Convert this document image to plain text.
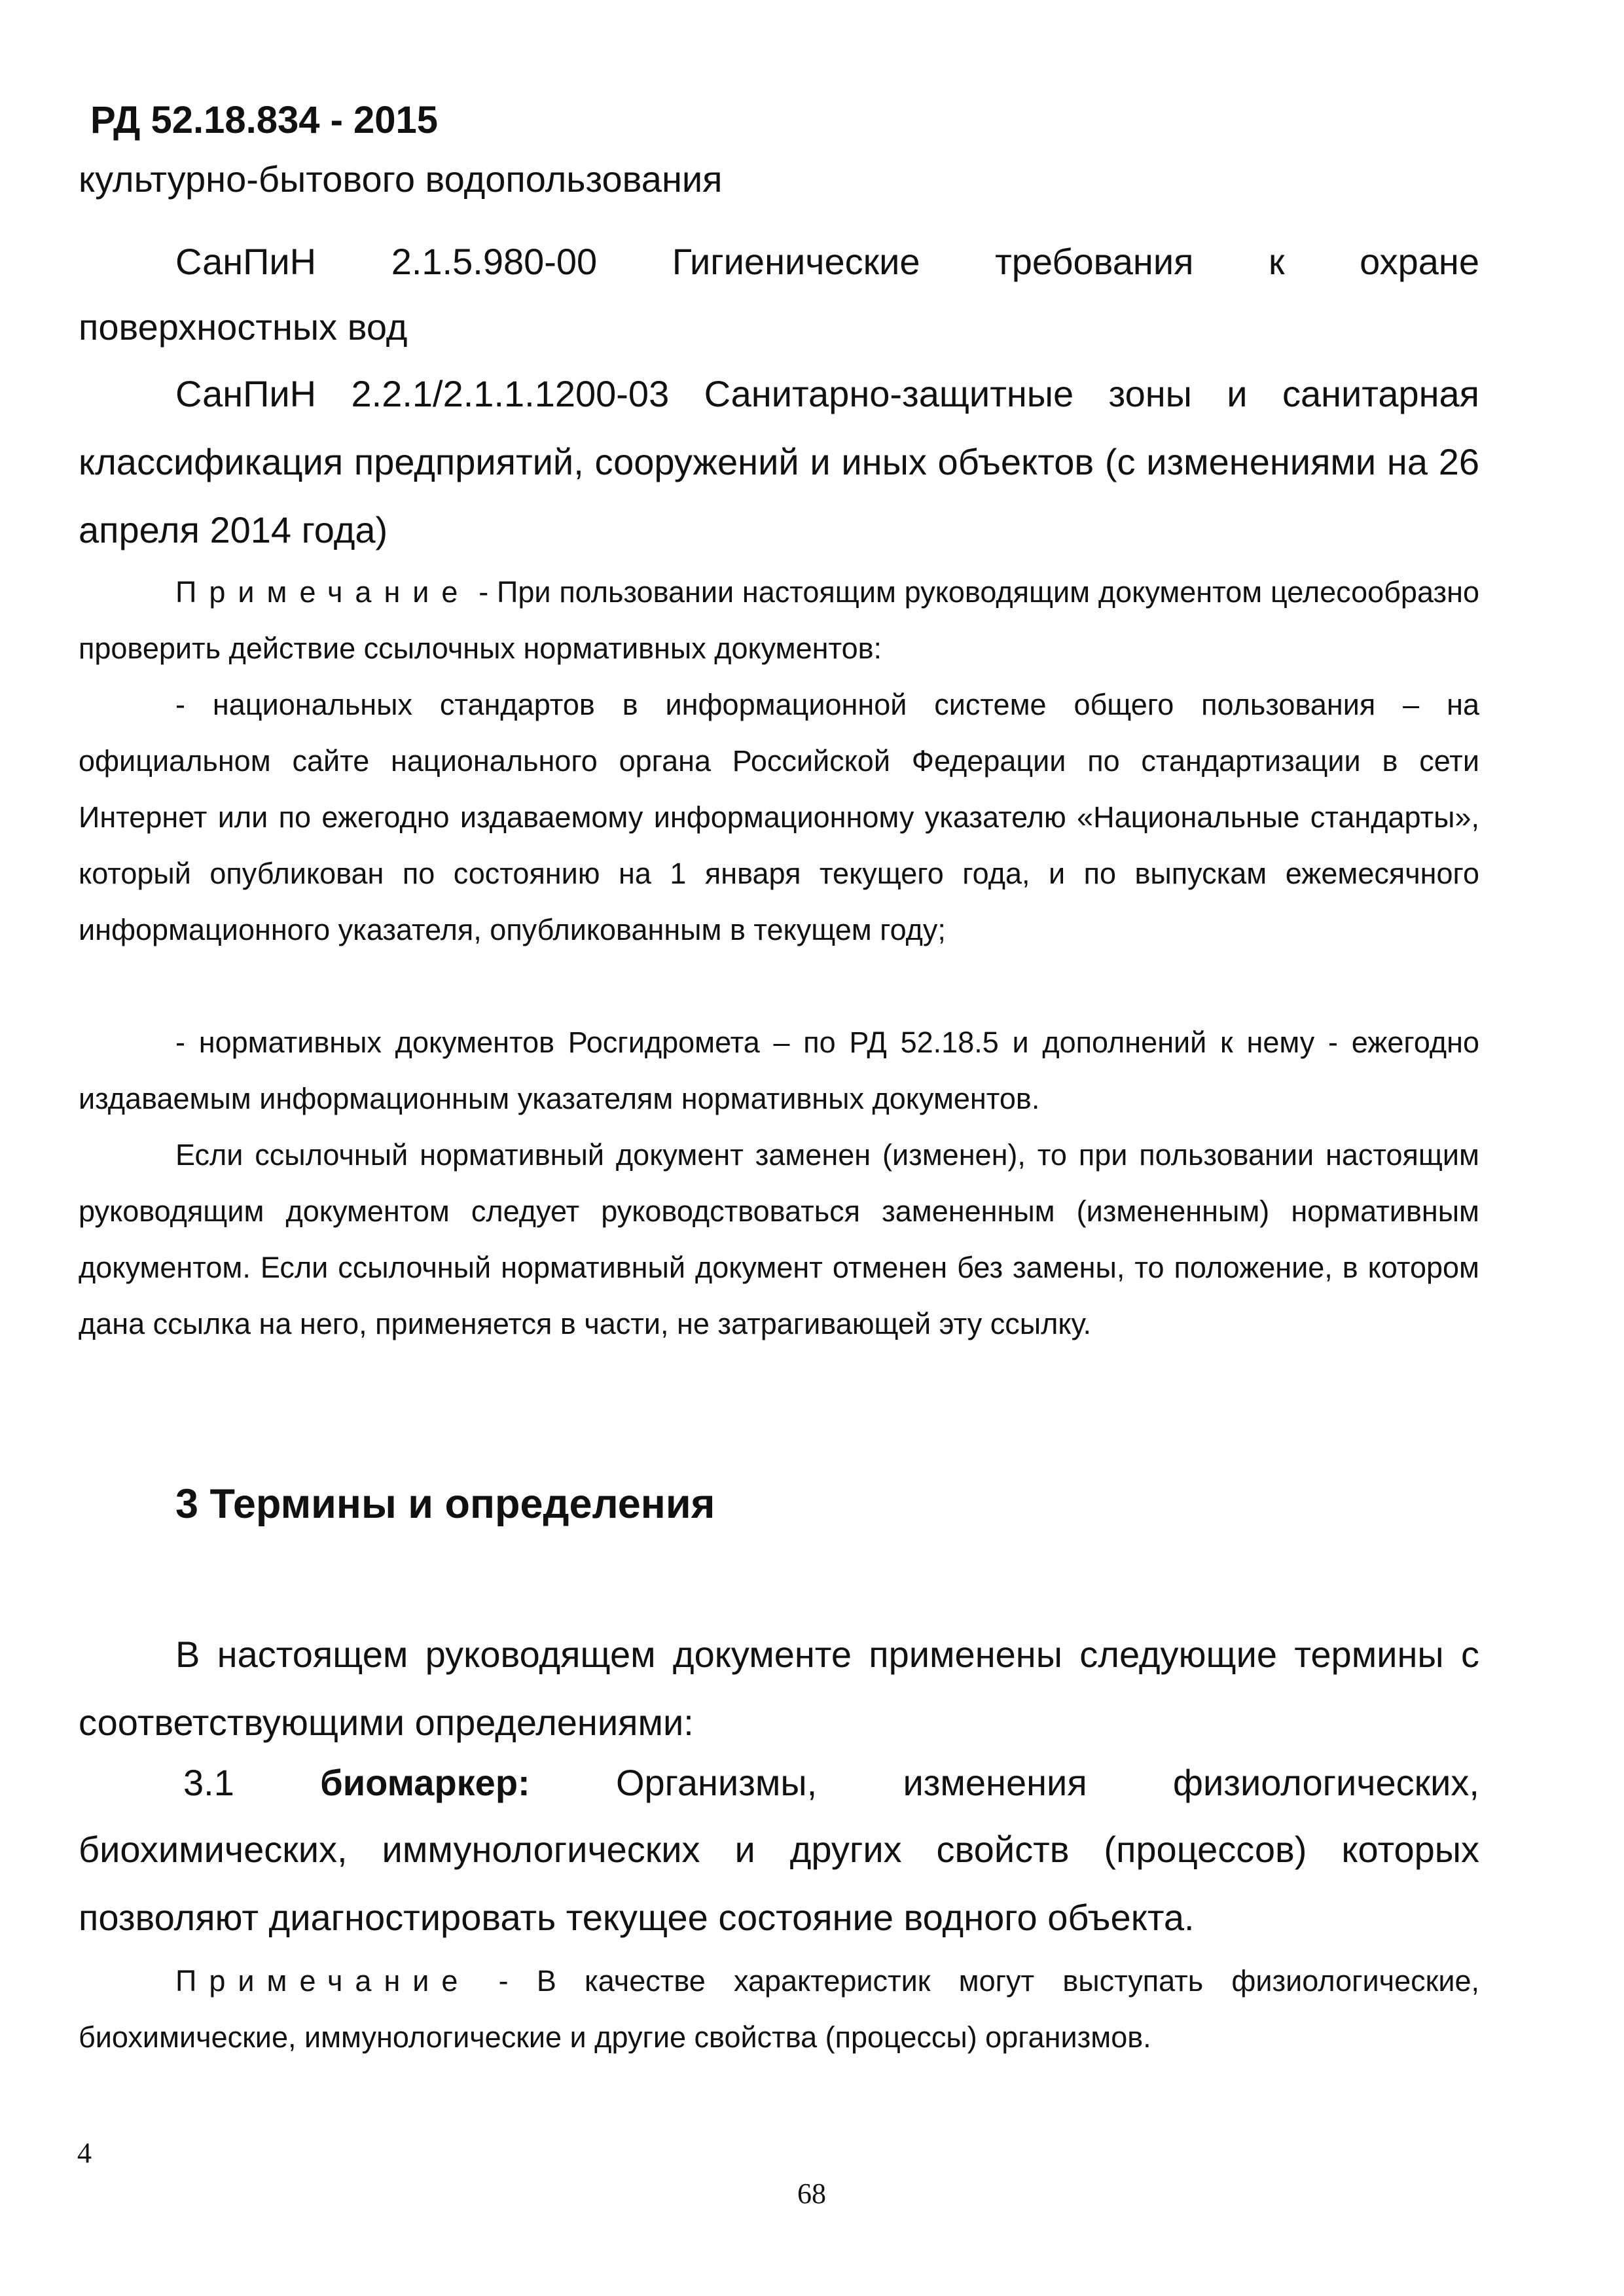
РД 52.18.834 - 2015
культурно-бытового водопользования
СанПиН 2.1.5.980-00 Гигиенические требования к охране
поверхностных вод

СанПиН 2.2.1/2.1.1.1200-03 Санитарно-защитные зоны и санитарная классификация предприятий, сооружений и иных объектов (с изменениями на 26 апреля 2014 года)

Примечание - При пользовании настоящим руководящим документом целесообразно проверить действие ссылочных нормативных документов:

- национальных стандартов в информационной системе общего пользования – на официальном сайте национального органа Российской Федерации по стандартизации в сети Интернет или по ежегодно издаваемому информационному указателю «Национальные стандарты», который опубликован по состоянию на 1 января текущего года, и по выпускам ежемесячного информационного указателя, опубликованным в текущем году;

- нормативных документов Росгидромета – по РД 52.18.5 и дополнений к нему - ежегодно издаваемым информационным указателям нормативных документов.

Если ссылочный нормативный документ заменен (изменен), то при пользовании настоящим руководящим документом следует руководствоваться замененным (измененным) нормативным документом. Если ссылочный нормативный документ отменен без замены, то положение, в котором дана ссылка на него, применяется в части, не затрагивающей эту ссылку.

3 Термины и определения

В настоящем руководящем документе применены следующие термины с соответствующими определениями:

3.1 биомаркер: Организмы, изменения физиологических,

биохимических, иммунологических и других свойств (процессов) которых позволяют диагностировать текущее состояние водного объекта.

Примечание - В качестве характеристик могут выступать физиологические, биохимические, иммунологические и другие свойства (процессы) организмов.

4
68
